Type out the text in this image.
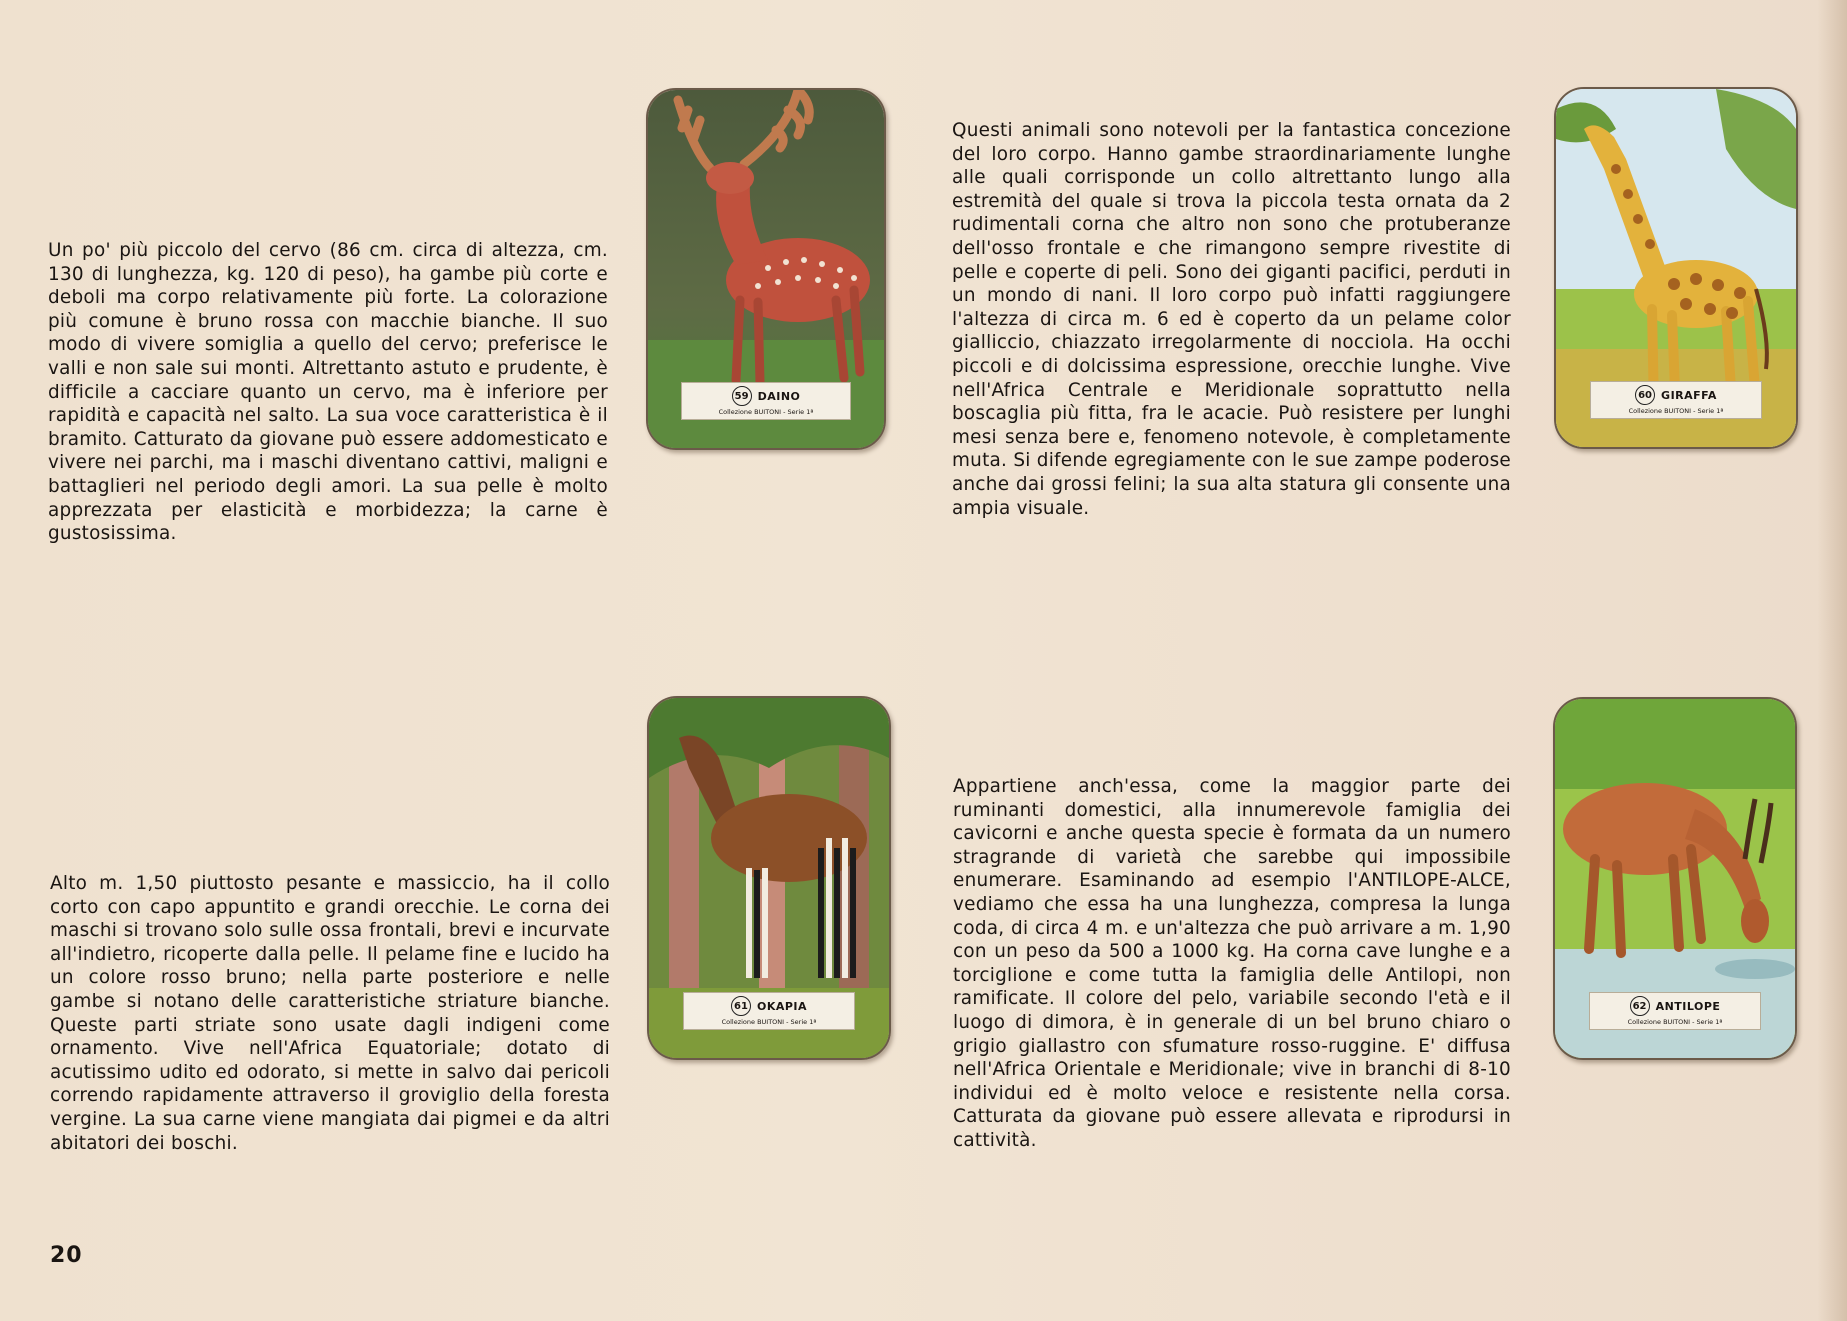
Un po' più piccolo del cervo (86 cm. circa di altezza, cm. 130 di lunghezza, kg. 120 di peso), ha gambe più corte e deboli ma corpo relativamente più forte. La colorazione più comune è bruno rossa con macchie bianche. Il suo modo di vivere somiglia a quello del cervo; preferisce le valli e non sale sui monti. Altrettanto astuto e prudente, è difficile a cacciare quanto un cervo, ma è inferiore per rapidità e capacità nel salto. La sua voce caratteristica è il bramito. Catturato da giovane può essere addomesticato e vivere nei parchi, ma i maschi diventano cattivi, maligni e battaglieri nel periodo degli amori. La sua pelle è molto apprezzata per elasticità e morbidezza; la carne è gustosissima.

Questi animali sono notevoli per la fantastica concezione del loro corpo. Hanno gambe straordinariamente lunghe alle quali corrisponde un collo altrettanto lungo alla estremità del quale si trova la piccola testa ornata da 2 rudimentali corna che altro non sono che protuberanze dell'osso frontale e che rimangono sempre rivestite di pelle e coperte di peli. Sono dei giganti pacifici, perduti in un mondo di nani. Il loro corpo può infatti raggiungere l'altezza di circa m. 6 ed è coperto da un pelame color gialliccio, chiazzato irregolarmente di nocciola. Ha occhi piccoli e di dolcissima espressione, orecchie lunghe. Vive nell'Africa Centrale e Meridionale soprattutto nella boscaglia più fitta, fra le acacie. Può resistere per lunghi mesi senza bere e, fenomeno notevole, è completamente muta. Si difende egregiamente con le sue zampe poderose anche dai grossi felini; la sua alta statura gli consente una ampia visuale.

Alto m. 1,50 piuttosto pesante e massiccio, ha il collo corto con capo appuntito e grandi orecchie. Le corna dei maschi si trovano solo sulle ossa frontali, brevi e incurvate all'indietro, ricoperte dalla pelle. Il pelame fine e lucido ha un colore rosso bruno; nella parte posteriore e nelle gambe si notano delle caratteristiche striature bianche. Queste parti striate sono usate dagli indigeni come ornamento. Vive nell'Africa Equatoriale; dotato di acutissimo udito ed odorato, si mette in salvo dai pericoli correndo rapidamente attraverso il groviglio della foresta vergine. La sua carne viene mangiata dai pigmei e da altri abitatori dei boschi.

Appartiene anch'essa, come la maggior parte dei ruminanti domestici, alla innumerevole famiglia dei cavicorni e anche questa specie è formata da un numero stragrande di varietà che sarebbe qui impossibile enumerare. Esaminando ad esempio l'ANTILOPE-ALCE, vediamo che essa ha una lunghezza, compresa la lunga coda, di circa 4 m. e un'altezza che può arrivare a m. 1,90 con un peso da 500 a 1000 kg. Ha corna cave lunghe e a torciglione e come tutta la famiglia delle Antilopi, non ramificate. Il colore del pelo, variabile secondo l'età e il luogo di dimora, è in generale di un bel bruno chiaro o grigio giallastro con sfumature rosso-ruggine. E' diffusa nell'Africa Orientale e Meridionale; vive in branchi di 8-10 individui ed è molto veloce e resistente nella corsa. Catturata da giovane può essere allevata e riprodursi in cattività.

59 DAINO
Collezione BUITONI - Serie 1ª
60 GIRAFFA
Collezione BUITONI - Serie 1ª
61 OKAPIA
Collezione BUITONI - Serie 1ª
62 ANTILOPE
Collezione BUITONI - Serie 1ª
20
